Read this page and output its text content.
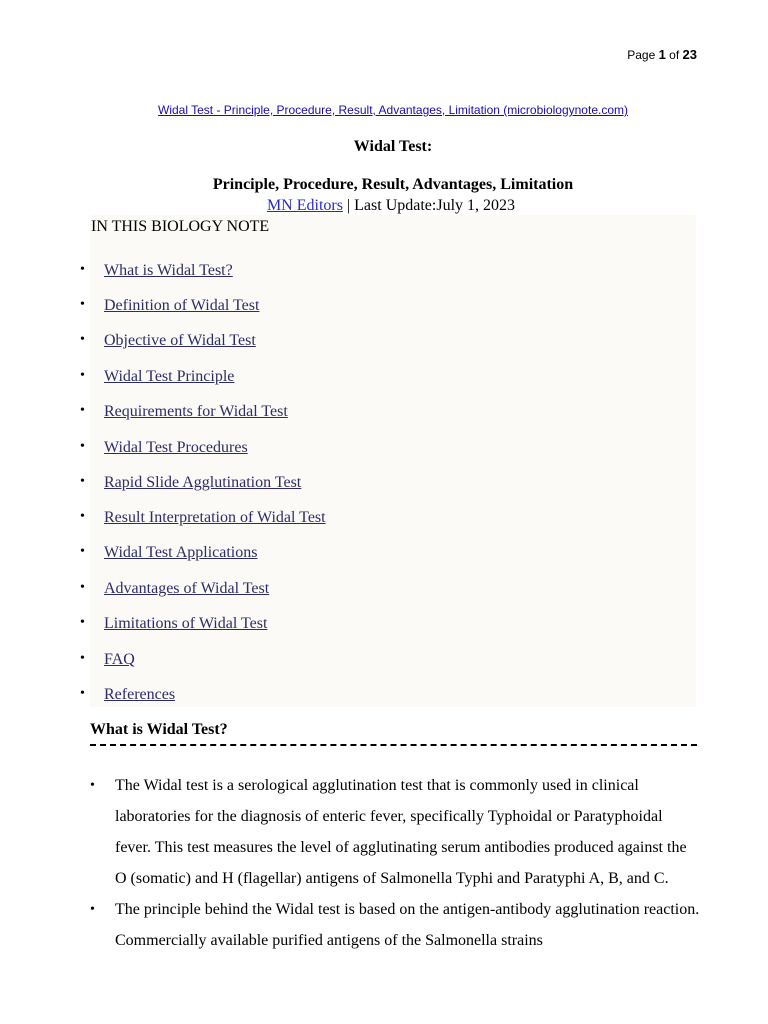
Page 1 of 23
Widal Test - Principle, Procedure, Result, Advantages, Limitation (microbiologynote.com)
Widal Test:
Principle, Procedure, Result, Advantages, Limitation
MN Editors | Last Update:July 1, 2023
IN THIS BIOLOGY NOTE
• What is Widal Test?
• Definition of Widal Test
• Objective of Widal Test
• Widal Test Principle
• Requirements for Widal Test
• Widal Test Procedures
• Rapid Slide Agglutination Test
• Result Interpretation of Widal Test
• Widal Test Applications
• Advantages of Widal Test
• Limitations of Widal Test
• FAQ
• References
What is Widal Test?

• The Widal test is a serological agglutination test that is commonly used in clinical laboratories for the diagnosis of enteric fever, specifically Typhoidal or Paratyphoidal fever. This test measures the level of agglutinating serum antibodies produced against the O (somatic) and H (flagellar) antigens of Salmonella Typhi and Paratyphi A, B, and C.

• The principle behind the Widal test is based on the antigen-antibody agglutination reaction. Commercially available purified antigens of the Salmonella strains
